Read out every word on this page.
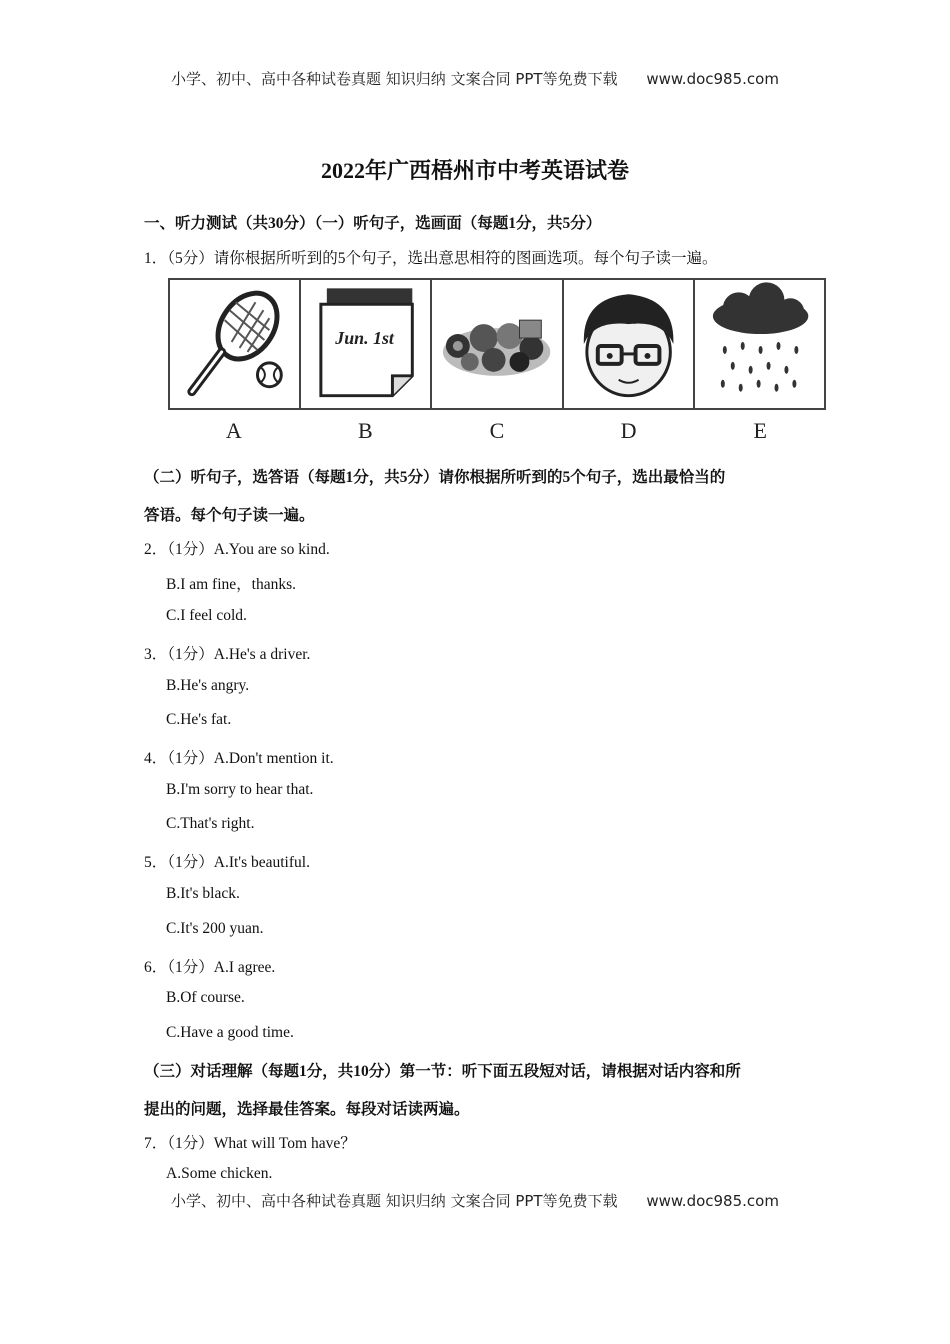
小学、初中、高中各种试卷真题 知识归纳 文案合同 PPT等免费下载 www.doc985.com
2022年广西梧州市中考英语试卷
一、听力测试（共30分）（一）听句子，选画面（每题1分，共5分）
1．（5分）请你根据所听到的5个句子，选出意思相符的图画选项。每个句子读一遍。
Jun. 1st
A	B	C	D	E
（二）听句子，选答语（每题1分，共5分）请你根据所听到的5个句子，选出最恰当的
答语。每个句子读一遍。
2．（1分）A.You are so kind.
B.I am fine，thanks.
C.I feel cold.
3．（1分）A.He's a driver.
B.He's angry.
C.He's fat.
4．（1分）A.Don't mention it.
B.I'm sorry to hear that.
C.That's right.
5．（1分）A.It's beautiful.
B.It's black.
C.It's 200 yuan.
6．（1分）A.I agree.
B.Of course.
C.Have a good time.
（三）对话理解（每题1分，共10分）第一节：听下面五段短对话，请根据对话内容和所
提出的问题，选择最佳答案。每段对话读两遍。
7．（1分）What will Tom have？
A.Some chicken.
小学、初中、高中各种试卷真题 知识归纳 文案合同 PPT等免费下载 www.doc985.com
